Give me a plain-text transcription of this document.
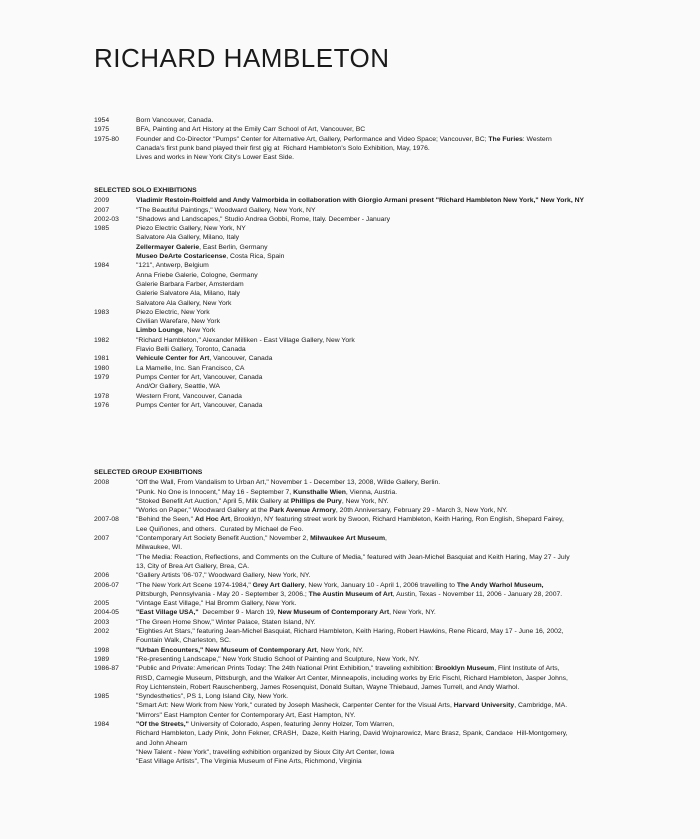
RICHARD HAMBLETON
1954	Born Vancouver, Canada.
1975	BFA, Painting and Art History at the Emily Carr School of Art, Vancouver, BC
1975-80	Founder and Co-Director "Pumps" Center for Alternative Art, Gallery, Performance and Video Space; Vancouver, BC; The Furies: Western
Canada's first punk band played their first gig at  Richard Hambleton's Solo Exhibition, May, 1976.
Lives and works in New York City's Lower East Side.
SELECTED SOLO EXHIBITIONS
2009	Vladimir Restoin-Roitfeld and Andy Valmorbida in collaboration with Giorgio Armani present "Richard Hambleton New York," New York, NY
2007	"The Beautiful Paintings," Woodward Gallery, New York, NY
2002-03	"Shadows and Landscapes," Studio Andrea Gobbi, Rome, Italy. December - January
1985	Piezo Electric Gallery, New York, NY
Salvatore Ala Gallery, Milano, Italy
Zellermayer Galerie, East Berlin, Germany
Museo DeArte Costaricense, Costa Rica, Spain
1984	"121", Antwerp, Belgium
Anna Friebe Galerie, Cologne, Germany
Galerie Barbara Farber, Amsterdam
Galerie Salvatore Ala, Milano, Italy
Salvatore Ala Gallery, New York
1983	Piezo Electric, New York
Civilian Warefare, New York
Limbo Lounge, New York
1982	"Richard Hambleton," Alexander Milliken - East Village Gallery, New York
Flavio Belli Gallery, Toronto, Canada
1981	Vehicule Center for Art, Vancouver, Canada
1980	La Mamelle, Inc. San Francisco, CA
1979	Pumps Center for Art, Vancouver, Canada
And/Or Gallery, Seattle, WA
1978	Western Front, Vancouver, Canada
1976	Pumps Center for Art, Vancouver, Canada
SELECTED GROUP EXHIBITIONS
2008	"Off the Wall, From Vandalism to Urban Art," November 1 - December 13, 2008, Wilde Gallery, Berlin.
"Punk. No One is Innocent," May 16 - September 7, Kunsthalle Wien, Vienna, Austria.
"Stoked Benefit Art Auction," April 5, Milk Gallery at Phillips de Pury, New York, NY.
"Works on Paper," Woodward Gallery at the Park Avenue Armory, 20th Anniversary, February 29 - March 3, New York, NY.
2007-08	"Behind the Seen," Ad Hoc Art, Brooklyn, NY featuring street work by Swoon, Richard Hambleton, Keith Haring, Ron English, Shepard Fairey,
Lee Quiñones, and others.  Curated by Michael de Feo.
2007	"Contemporary Art Society Benefit Auction," November 2, Milwaukee Art Museum,
Milwaukee, WI.
"The Media: Reaction, Reflections, and Comments on the Culture of Media," featured with Jean-Michel Basquiat and Keith Haring, May 27 - July
13, City of Brea Art Gallery, Brea, CA.
2006	"Gallery Artists '06-'07," Woodward Gallery, New York, NY.
2006-07	"The New York Art Scene 1974-1984," Grey Art Gallery, New York, January 10 - April 1, 2006 travelling to The Andy Warhol Museum,
Pittsburgh, Pennsylvania - May 20 - September 3, 2006.; The Austin Museum of Art, Austin, Texas - November 11, 2006 - January 28, 2007.
2005	"Vintage East Village," Hal Bromm Gallery, New York.
2004-05	"East Village USA,"  December 9 - March 19, New Museum of Contemporary Art, New York, NY.
2003	"The Green Home Show," Winter Palace, Staten Island, NY.
2002	"Eighties Art Stars," featuring Jean-Michel Basquiat, Richard Hambleton, Keith Haring, Robert Hawkins, Rene Ricard, May 17 - June 16, 2002,
Fountain Walk, Charleston, SC.
1998	"Urban Encounters," New Museum of Contemporary Art, New York, NY.
1989	"Re-presenting Landscape," New York Studio School of Painting and Sculpture, New York, NY.
1986-87	"Public and Private: American Prints Today: The 24th National Print Exhibition," traveling exhibition: Brooklyn Museum, Flint Institute of Arts,
RISD, Carnegie Museum, Pittsburgh, and the Walker Art Center, Minneapolis, including works by Eric Fischl, Richard Hambleton, Jasper Johns,
Roy Lichtenstein, Robert Rauschenberg, James Rosenquist, Donald Sultan, Wayne Thiebaud, James Turrell, and Andy Warhol.
1985	"Syndesthetics", PS 1, Long Island City, New York.
"Smart Art: New Work from New York," curated by Joseph Masheck, Carpenter Center for the Visual Arts, Harvard University, Cambridge, MA.
"Mirrors" East Hampton Center for Contemporary Art, East Hampton, NY.
1984	"Of the Streets," University of Colorado, Aspen, featuring Jenny Holzer, Tom Warren,
Richard Hambleton, Lady Pink, John Fekner, CRASH,  Daze, Keith Haring, David Wojnarowicz, Marc Brasz, Spank, Candace  Hill-Montgomery,
and John Ahearn
"New Talent - New York", travelling exhibition organized by Sioux City Art Center, Iowa
"East Village Artists", The Virginia Museum of Fine Arts, Richmond, Virginia
